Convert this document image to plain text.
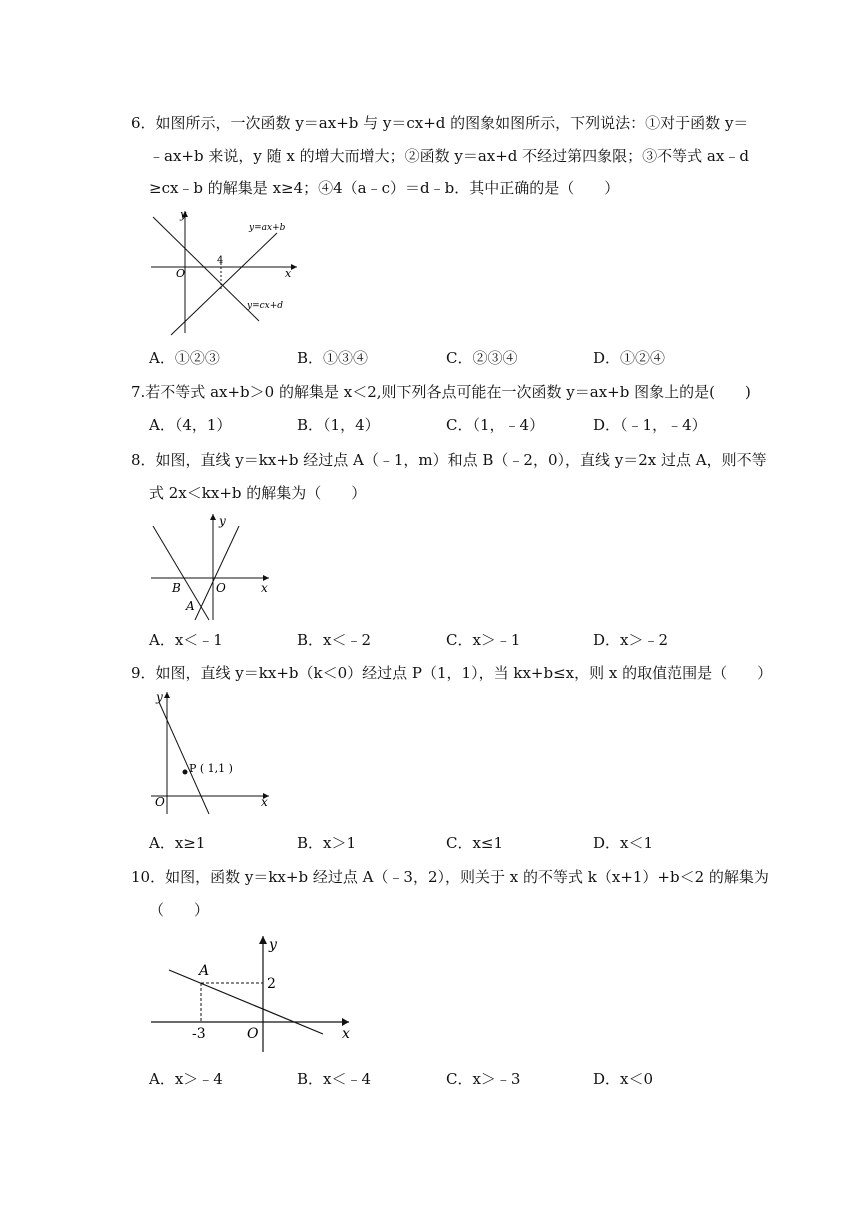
6．如图所示，一次函数 y＝ax+b 与 y＝cx+d 的图象如图所示，下列说法：①对于函数 y＝
﹣ax+b 来说，y 随 x 的增大而增大；②函数 y＝ax+d 不经过第四象限；③不等式 ax﹣d
≥cx﹣b 的解集是 x≥4；④4（a﹣c）＝d﹣b．其中正确的是（　　）
y
x
O
4
y=ax+b
y=cx+d
A．①②③	B．①③④	C．②③④	D．①②④
7.若不等式 ax+b＞0 的解集是 x＜2,则下列各点可能在一次函数 y＝ax+b 图象上的是(　　)
A．（4，1）	B．（1，4）	C．（1，﹣4）	D．（﹣1，﹣4）
8．如图，直线 y＝kx+b 经过点 A（﹣1，m）和点 B（﹣2，0），直线 y＝2x 过点 A，则不等
式 2x＜kx+b 的解集为（　　）
y
x
O
B
A
A．x＜﹣1	B．x＜﹣2	C．x＞﹣1	D．x＞﹣2
9．如图，直线 y＝kx+b（k＜0）经过点 P（1，1），当 kx+b≤x，则 x 的取值范围是（　　）
y
x
O
P ( 1,1 )
A．x≥1	B．x＞1	C．x≤1	D．x＜1
10．如图，函数 y＝kx+b 经过点 A（﹣3，2），则关于 x 的不等式 k（x+1）+b＜2 的解集为
（　　）
A
y
x
2
-3	O
A．x＞﹣4	B．x＜﹣4	C．x＞﹣3	D．x＜0
